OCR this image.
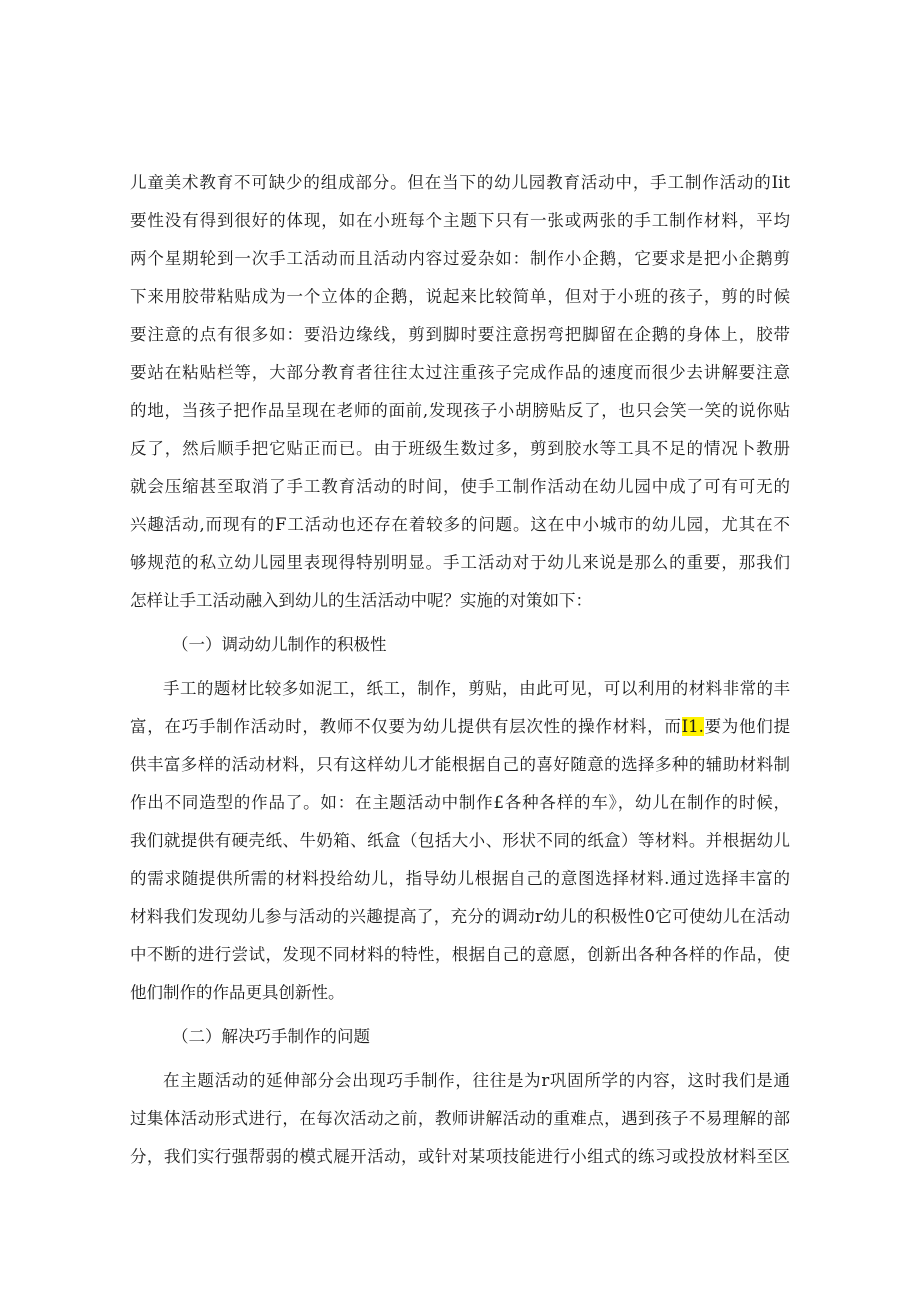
儿童美术教育不可缺少的组成部分。但在当下的幼儿园教育活动中，手工制作活动的Iit
要性没有得到很好的体现，如在小班每个主题下只有一张或两张的手工制作材料，平均
两个星期轮到一次手工活动而且活动内容过爱杂如：制作小企鹅，它要求是把小企鹅剪
下来用胶带粘贴成为一个立体的企鹅，说起来比较简单，但对于小班的孩子，剪的时候
要注意的点有很多如：要沿边缘线，剪到脚时要注意拐弯把脚留在企鹅的身体上，胶带
要站在粘贴栏等，大部分教育者往往太过注重孩子完成作品的速度而很少去讲解要注意
的地，当孩子把作品呈现在老师的面前,发现孩子小胡膀贴反了，也只会笑一笑的说你贴
反了，然后顺手把它贴正而已。由于班级生数过多，剪到胶水等工具不足的情况卜教册
就会压缩甚至取消了手工教育活动的时间，使手工制作活动在幼儿园中成了可有可无的
兴趣活动,而现有的F工活动也还存在着较多的问题。这在中小城市的幼儿园，尤其在不
够规范的私立幼儿园里表现得特别明显。手工活动对于幼儿来说是那么的重要，那我们
怎样让手工活动融入到幼儿的生活活动中呢？实施的对策如下：
（一）调动幼儿制作的积极性
手工的题材比较多如泥工，纸工，制作，剪贴，由此可见，可以利用的材料非常的丰
富，在巧手制作活动时，教师不仅要为幼儿提供有层次性的操作材料，而I1.要为他们提
供丰富多样的活动材料，只有这样幼儿才能根据自己的喜好随意的选择多种的辅助材料制
作出不同造型的作品了。如：在主题活动中制作£各种各样的车》，幼儿在制作的时候，
我们就提供有硬壳纸、牛奶箱、纸盒（包括大小、形状不同的纸盒）等材料。并根据幼儿
的需求随提供所需的材料投给幼儿，指导幼儿根据自己的意图选择材料.通过选择丰富的
材料我们发现幼儿参与活动的兴趣提高了，充分的调动r幼儿的积极性0它可使幼儿在活动
中不断的进行尝试，发现不同材料的特性，根据自己的意愿，创新出各种各样的作品，使
他们制作的作品更具创新性。
（二）解决巧手制作的问题
在主题活动的延伸部分会出现巧手制作，往往是为r巩固所学的内容，这时我们是通
过集体活动形式进行，在每次活动之前，教师讲解活动的重难点，遇到孩子不易理解的部
分，我们实行强帮弱的模式屣开活动，或针对某项技能进行小组式的练习或投放材料至区
